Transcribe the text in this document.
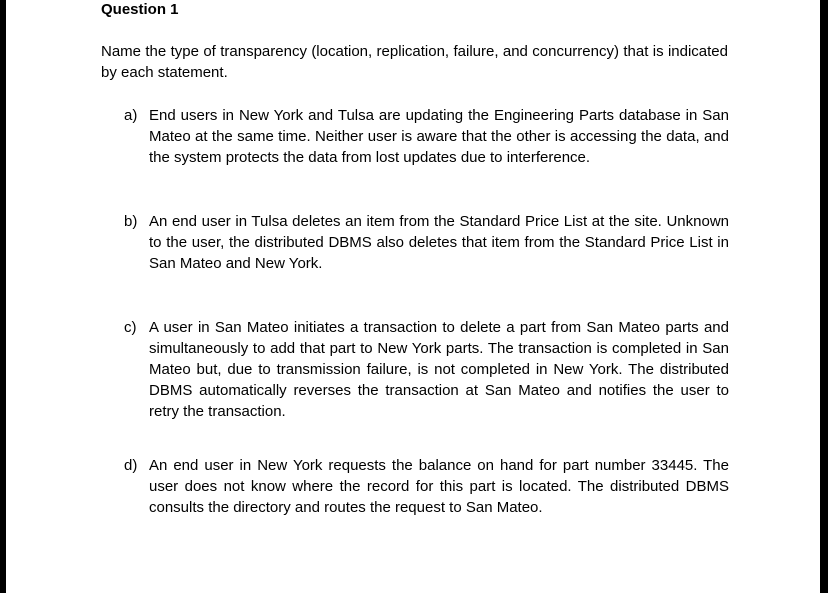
Question 1

Name the type of transparency (location, replication, failure, and concurrency) that is indicated by each statement.

a) End users in New York and Tulsa are updating the Engineering Parts database in San Mateo at the same time. Neither user is aware that the other is accessing the data, and the system protects the data from lost updates due to interference.
b) An end user in Tulsa deletes an item from the Standard Price List at the site. Unknown to the user, the distributed DBMS also deletes that item from the Standard Price List in San Mateo and New York.
c) A user in San Mateo initiates a transaction to delete a part from San Mateo parts and simultaneously to add that part to New York parts. The transaction is completed in San Mateo but, due to transmission failure, is not completed in New York. The distributed DBMS automatically reverses the transaction at San Mateo and notifies the user to retry the transaction.
d) An end user in New York requests the balance on hand for part number 33445. The user does not know where the record for this part is located. The distributed DBMS consults the directory and routes the request to San Mateo.
